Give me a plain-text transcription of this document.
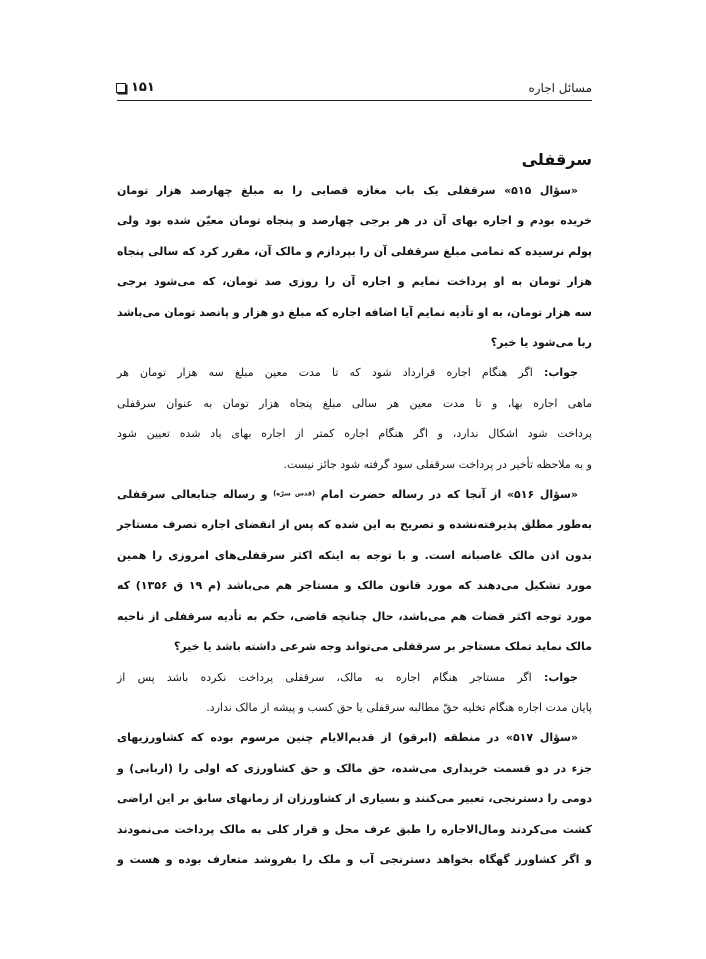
مسائل اجاره
۱۵۱
سرقفلی
«سؤال ۵۱۵» سرقفلی یک باب مغازه قصابی را به مبلغ چهارصد هزار تومان
خریده بودم و اجاره بهای آن در هر برجی چهارصد و پنجاه تومان معیّن شده بود ولی
پولم نرسیده که تمامی مبلغ سرقفلی آن را بپردازم و مالک آن، مقرر کرد که سالی پنجاه
هزار تومان به او پرداخت نمایم و اجاره آن را روزی صد تومان، که می‌شود برجی
سه هزار تومان، به او تأدیه نمایم آیا اضافه اجاره که مبلغ دو هزار و پانصد تومان می‌باشد
ربا می‌شود یا خیر؟
جواب: اگر هنگام اجاره قرارداد شود که تا مدت معین مبلغ سه هزار تومان هر
ماهی اجاره بها، و تا مدت معین هر سالی مبلغ پنجاه هزار تومان به عنوان سرقفلی
پرداخت شود اشکال ندارد، و اگر هنگام اجاره کمتر از اجاره بهای یاد شده تعیین شود
و به ملاحظه تأخیر در پرداخت سرقفلی سود گرفته شود جائز نیست.
«سؤال ۵۱۶» از آنجا که در رساله حضرت امام $^{(قدس سرّه)}$ و رساله جنابعالی سرقفلی
به‌طور مطلق پذیرفته‌نشده و تصریح به این شده که پس از انقضای اجاره تصرف مستاجر
بدون اذن مالک غاصبانه است. و با توجه به اینکه اکثر سرقفلی‌های امروزی را همین
مورد تشکیل می‌دهند که مورد قانون مالک و مستاجر هم می‌باشد (م ۱۹ ق ۱۳۵۶) که
مورد توجه اکثر قضات هم می‌باشد، حال چنانچه قاضی، حکم به تأدیه سرقفلی از ناحیه
مالک نماید تملک مستاجر بر سرقفلی می‌تواند وجه شرعی داشته باشد یا خیر؟
جواب: اگر مستاجر هنگام اجاره به مالک، سرقفلی پرداخت نکرده باشد پس از
پایان مدت اجاره هنگام تخلیه حقّ مطالبه سرقفلی یا حق کسب و پیشه از مالک ندارد.
«سؤال ۵۱۷» در منطقه (ابرقو) از قدیم‌الایام چنین مرسوم بوده که کشاورزیهای
جزء در دو قسمت خریداری می‌شده، حق مالک و حق کشاورزی که اولی را (اربابی) و
دومی را دسترنجی، تعبیر می‌کنند و بسیاری از کشاورزان از زمانهای سابق بر این اراضی
کشت می‌کردند ومال‌الاجاره را طبق عرف محل و قرار کلی به مالک پرداخت می‌نمودند
و اگر کشاورز گهگاه بخواهد دسترنجی آب و ملک را بفروشد متعارف بوده و هست و
